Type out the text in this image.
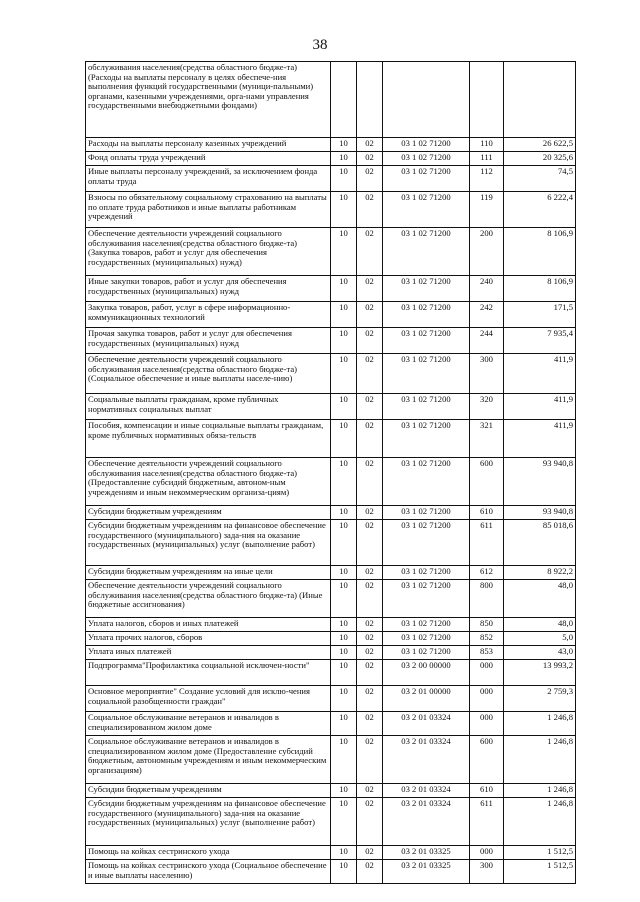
38
обслуживания населения(средства областного бюдже-та) (Расходы на выплаты персоналу в целях обеспече-ния выполнения функций государственными (муници-пальными) органами, казенными учреждениями, орга-нами управления государственными внебюджетными фондами)					
Расходы на выплаты персоналу казенных учреждений	10	02	03 1 02 71200	110	26 622,5
Фонд оплаты труда учреждений	10	02	03 1 02 71200	111	20 325,6
Иные выплаты персоналу учреждений, за исключением фонда оплаты труда	10	02	03 1 02 71200	112	74,5
Взносы по обязательному социальному страхованию на выплаты по оплате труда работников и иные выплаты работникам учреждений	10	02	03 1 02 71200	119	6 222,4
Обеспечение деятельности учреждений социального обслуживания населения(средства областного бюдже-та) (Закупка товаров, работ и услуг для обеспечения государственных (муниципальных) нужд)	10	02	03 1 02 71200	200	8 106,9
Иные закупки товаров, работ и услуг для обеспечения государственных (муниципальных) нужд	10	02	03 1 02 71200	240	8 106,9
Закупка товаров, работ, услуг в сфере информационно-коммуникационных технологий	10	02	03 1 02 71200	242	171,5
Прочая закупка товаров, работ и услуг для обеспечения государственных (муниципальных) нужд	10	02	03 1 02 71200	244	7 935,4
Обеспечение деятельности учреждений социального обслуживания населения(средства областного бюдже-та) (Социальное обеспечение и иные выплаты населе-нию)	10	02	03 1 02 71200	300	411,9
Социальные выплаты гражданам, кроме публичных нормативных социальных выплат	10	02	03 1 02 71200	320	411,9
Пособия, компенсации и иные социальные выплаты гражданам, кроме публичных нормативных обяза-тельств	10	02	03 1 02 71200	321	411,9
Обеспечение деятельности учреждений социального обслуживания населения(средства областного бюдже-та) (Предоставление субсидий бюджетным, автоном-ным учреждениям и иным некоммерческим организа-циям)	10	02	03 1 02 71200	600	93 940,8
Субсидии бюджетным учреждениям	10	02	03 1 02 71200	610	93 940,8
Субсидии бюджетным учреждениям на финансовое обеспечение государственного (муниципального) зада-ния на оказание государственных (муниципальных) услуг (выполнение работ)	10	02	03 1 02 71200	611	85 018,6
Субсидии бюджетным учреждениям на иные цели	10	02	03 1 02 71200	612	8 922,2
Обеспечение деятельности учреждений социального обслуживания населения(средства областного бюдже-та) (Иные бюджетные ассигнования)	10	02	03 1 02 71200	800	48,0
Уплата налогов, сборов и иных платежей	10	02	03 1 02 71200	850	48,0
Уплата прочих налогов, сборов	10	02	03 1 02 71200	852	5,0
Уплата иных платежей	10	02	03 1 02 71200	853	43,0
Подпрограмма"Профилактика социальной исключен-ности"	10	02	03 2 00 00000	000	13 993,2
Основное мероприятие" Создание условий для исклю-чения социальной разобщенности граждан"	10	02	03 2 01 00000	000	2 759,3
Социальное обслуживание ветеранов и инвалидов в специализированном жилом доме	10	02	03 2 01 03324	000	1 246,8
Социальное обслуживание ветеранов и инвалидов в специализированном жилом доме (Предоставление субсидий бюджетным, автономным учреждениям и иным некоммерческим организациям)	10	02	03 2 01 03324	600	1 246,8
Субсидии бюджетным учреждениям	10	02	03 2 01 03324	610	1 246,8
Субсидии бюджетным учреждениям на финансовое обеспечение государственного (муниципального) зада-ния на оказание государственных (муниципальных) услуг (выполнение работ)	10	02	03 2 01 03324	611	1 246,8
Помощь на койках сестринского ухода	10	02	03 2 01 03325	000	1 512,5
Помощь на койках сестринского ухода (Социальное обеспечение и иные выплаты населению)	10	02	03 2 01 03325	300	1 512,5
